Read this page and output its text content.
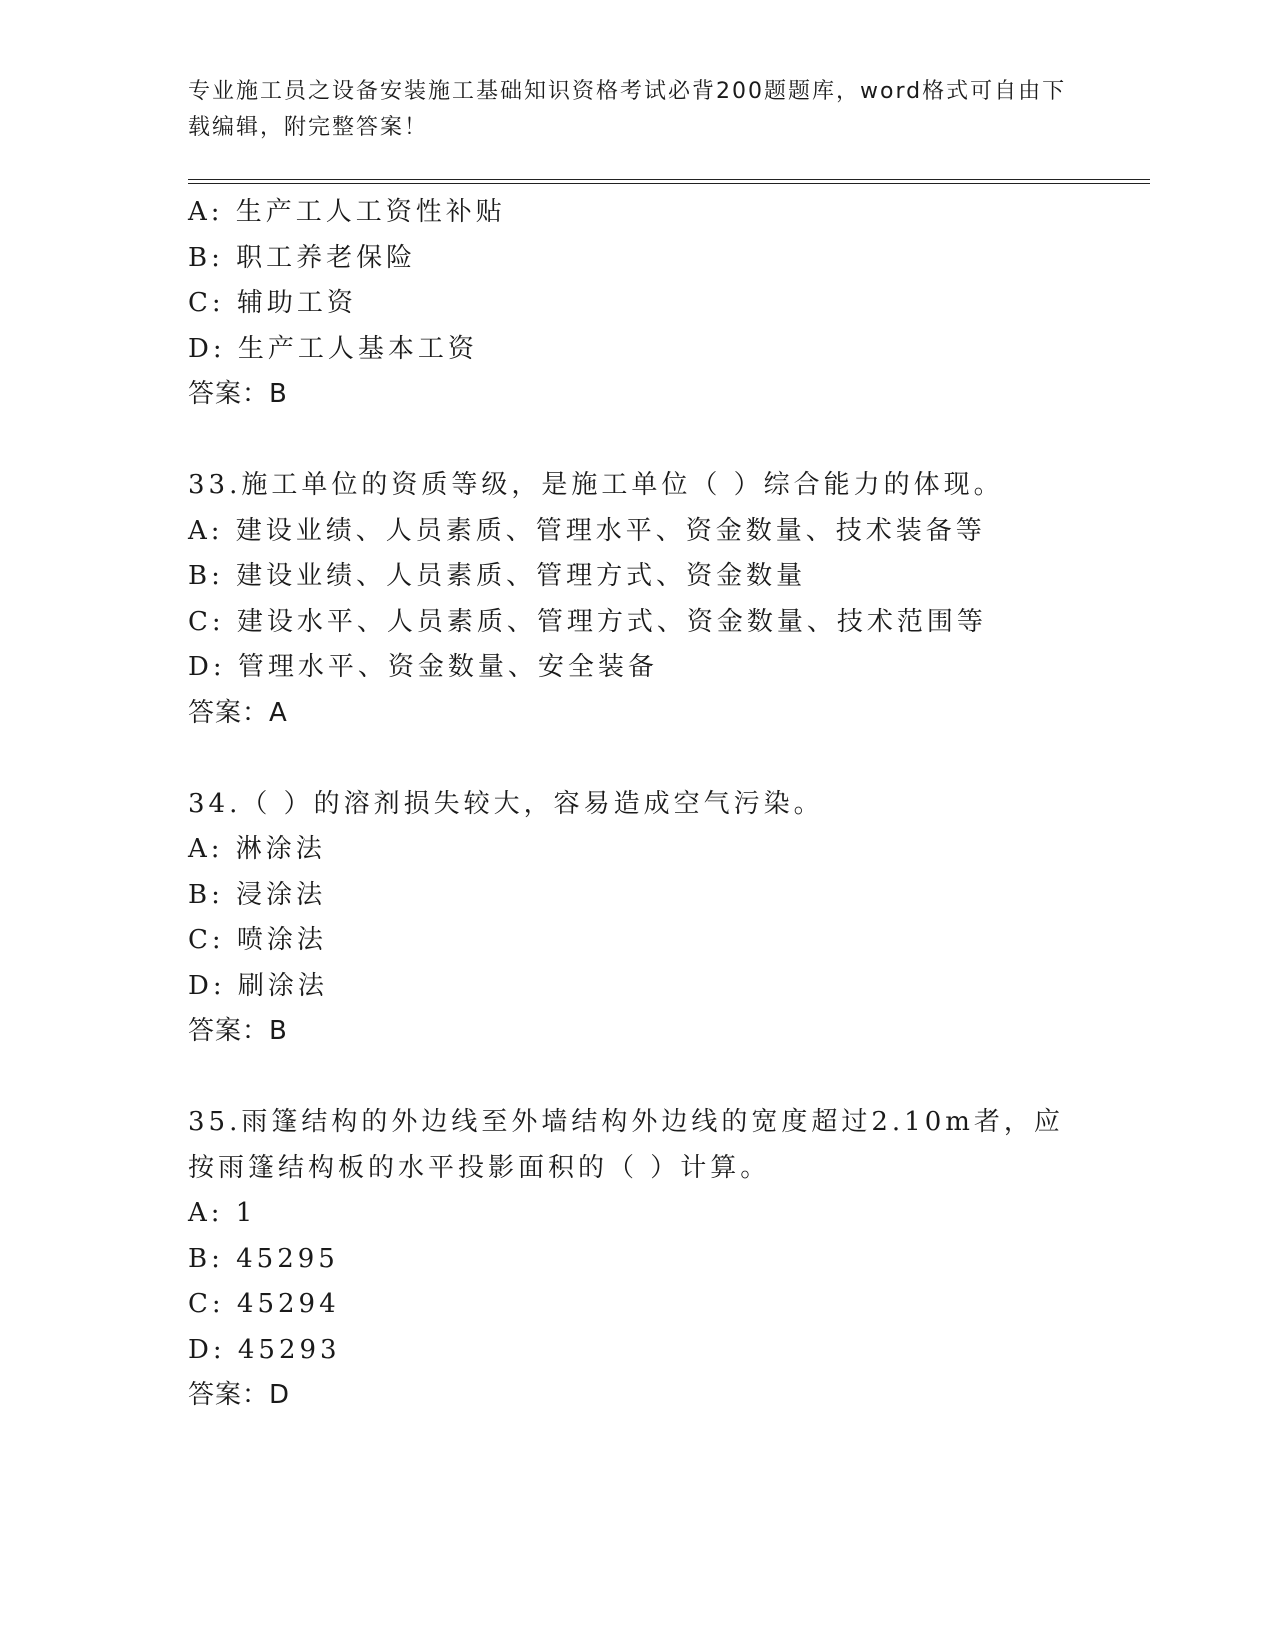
专业施工员之设备安装施工基础知识资格考试必背200题题库，word格式可自由下载编辑，附完整答案！
A: 生产工人工资性补贴
B: 职工养老保险
C: 辅助工资
D: 生产工人基本工资
答案：B
33.施工单位的资质等级，是施工单位（ ）综合能力的体现。
A: 建设业绩、人员素质、管理水平、资金数量、技术装备等
B: 建设业绩、人员素质、管理方式、资金数量
C: 建设水平、人员素质、管理方式、资金数量、技术范围等
D: 管理水平、资金数量、安全装备
答案：A
34.（ ）的溶剂损失较大，容易造成空气污染。
A: 淋涂法
B: 浸涂法
C: 喷涂法
D: 刷涂法
答案：B
35.雨篷结构的外边线至外墙结构外边线的宽度超过2.10m者，应按雨篷结构板的水平投影面积的（ ）计算。
A: 1
B: 45295
C: 45294
D: 45293
答案：D
